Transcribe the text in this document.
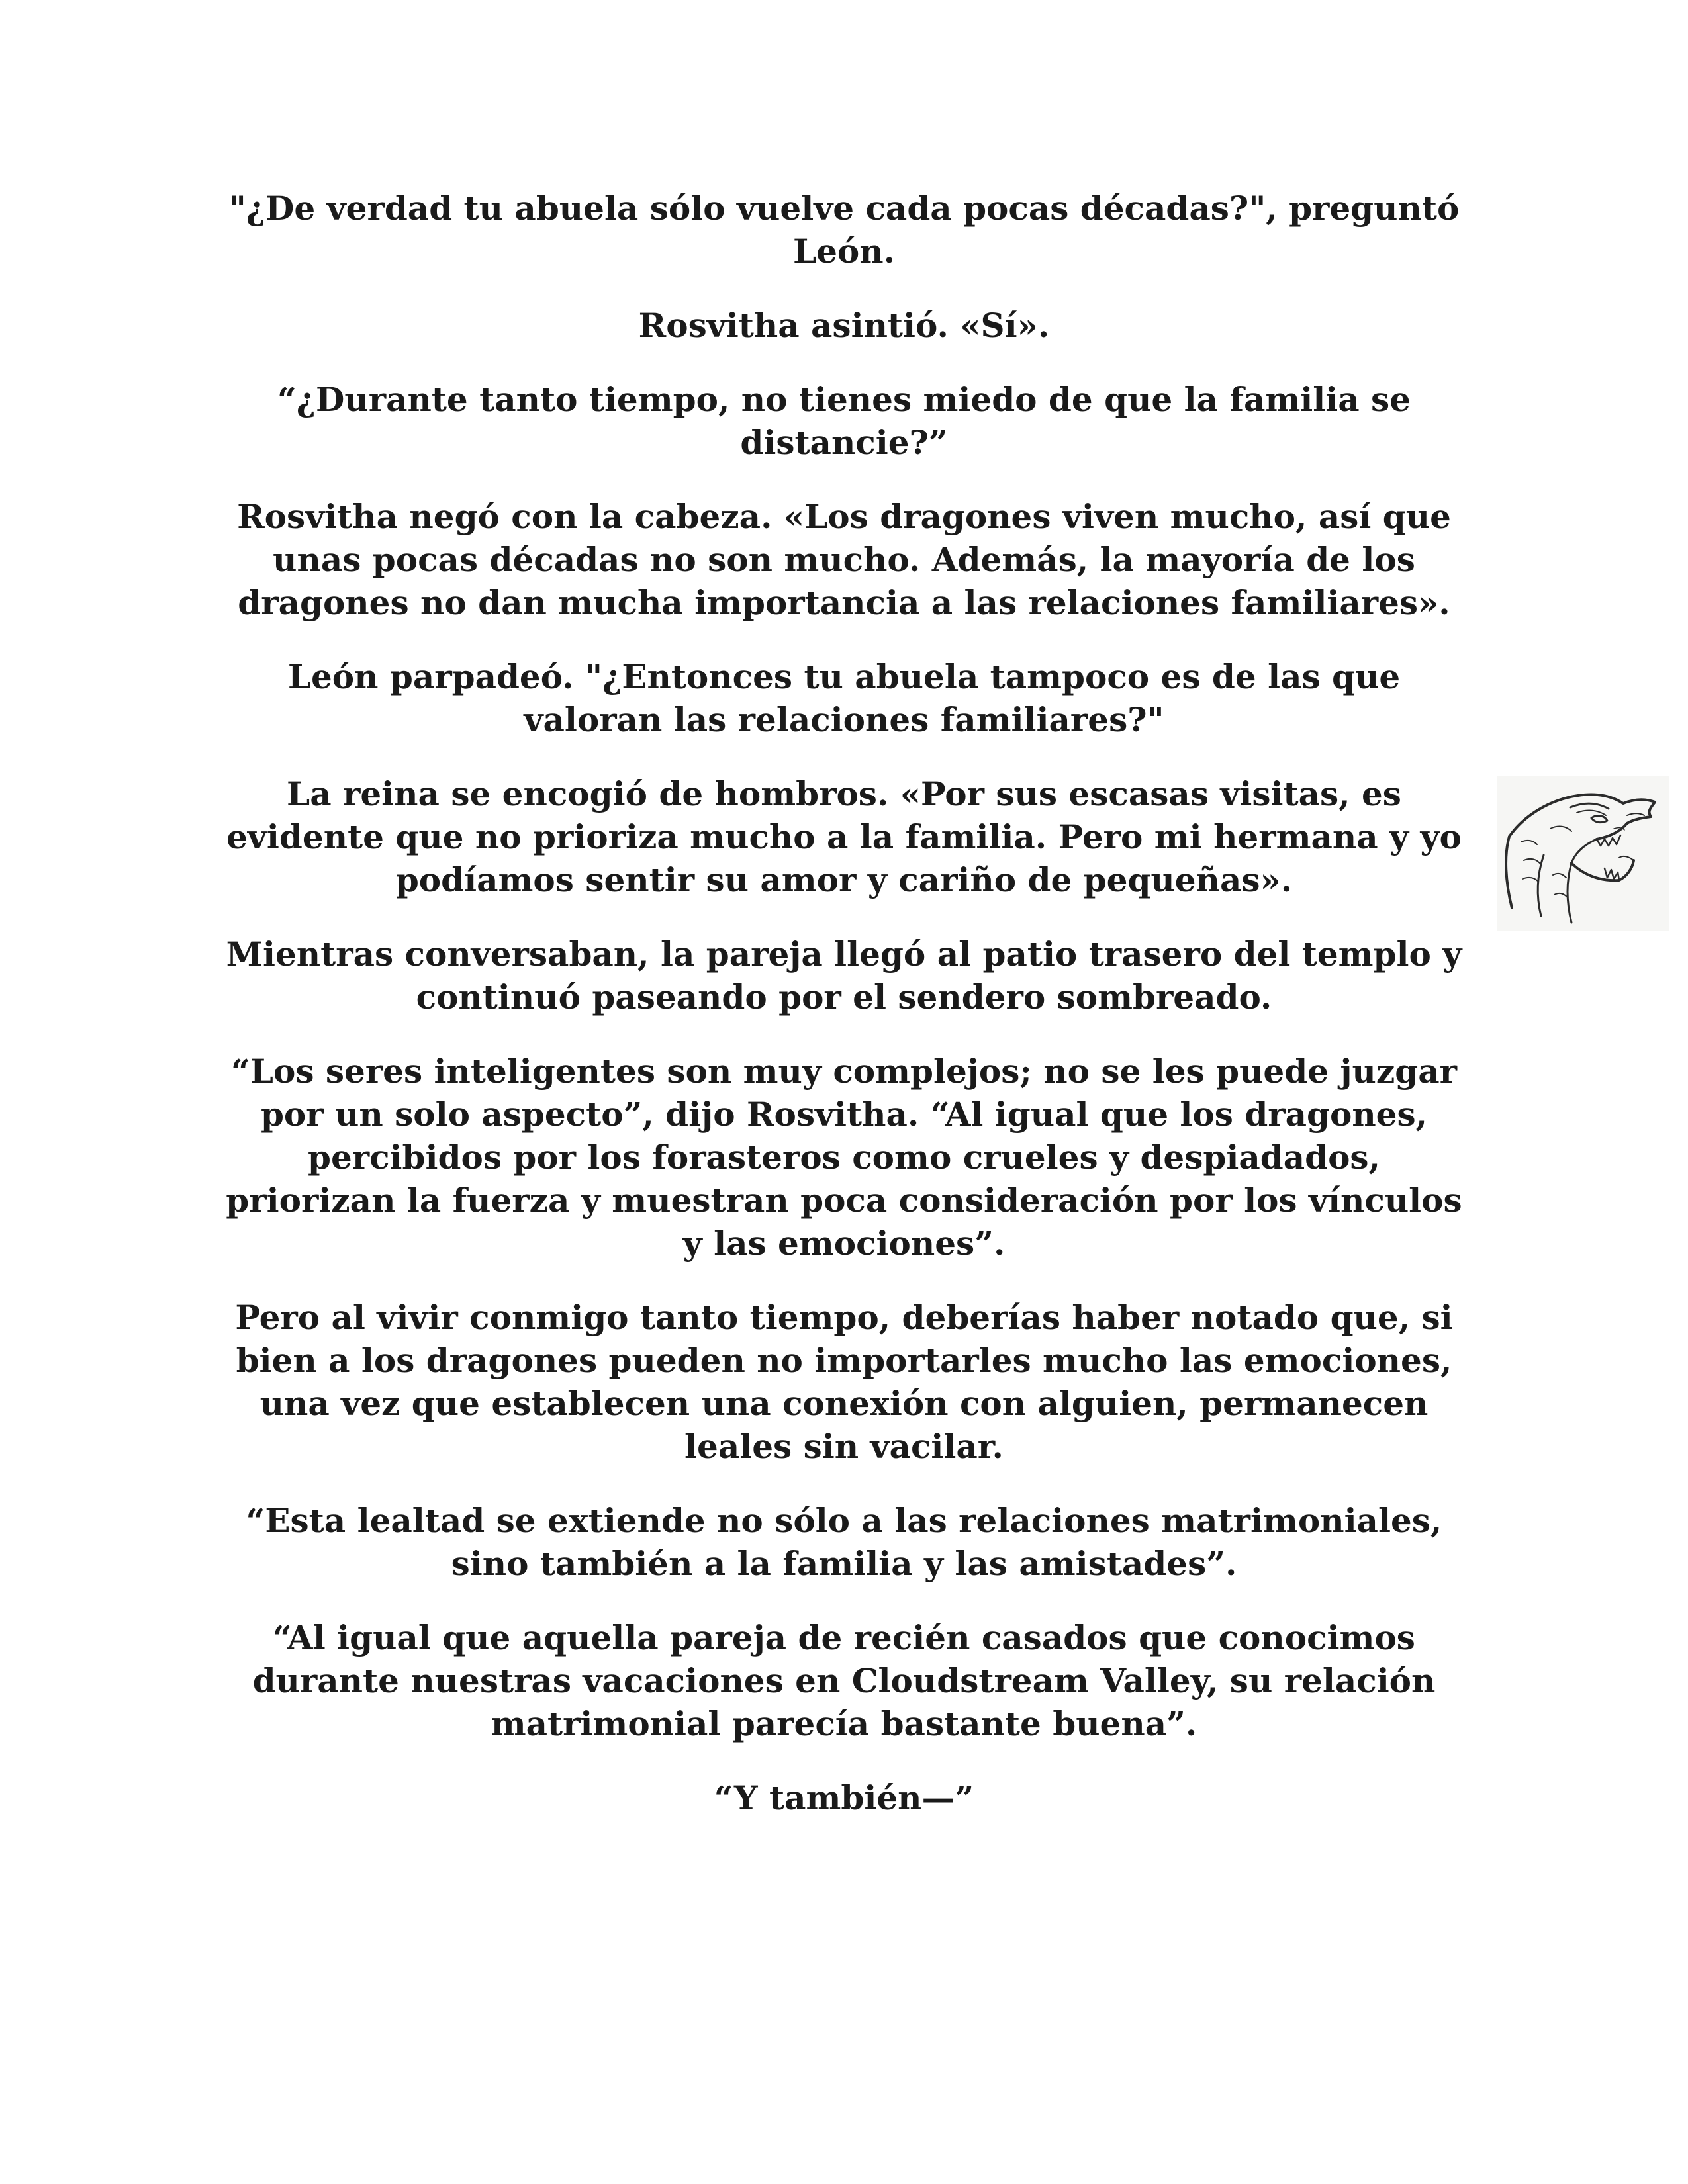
"¿De verdad tu abuela sólo vuelve cada pocas décadas?", preguntó León.

Rosvitha asintió. «Sí».

“¿Durante tanto tiempo, no tienes miedo de que la familia se distancie?”

Rosvitha negó con la cabeza. «Los dragones viven mucho, así que unas pocas décadas no son mucho. Además, la mayoría de los dragones no dan mucha importancia a las relaciones familiares».

León parpadeó. "¿Entonces tu abuela tampoco es de las que valoran las relaciones familiares?"

La reina se encogió de hombros. «Por sus escasas visitas, es evidente que no prioriza mucho a la familia. Pero mi hermana y yo podíamos sentir su amor y cariño de pequeñas».

Mientras conversaban, la pareja llegó al patio trasero del templo y continuó paseando por el sendero sombreado.

“Los seres inteligentes son muy complejos; no se les puede juzgar por un solo aspecto”, dijo Rosvitha. “Al igual que los dragones, percibidos por los forasteros como crueles y despiadados, priorizan la fuerza y muestran poca consideración por los vínculos y las emociones”.

Pero al vivir conmigo tanto tiempo, deberías haber notado que, si bien a los dragones pueden no importarles mucho las emociones, una vez que establecen una conexión con alguien, permanecen leales sin vacilar.

“Esta lealtad se extiende no sólo a las relaciones matrimoniales, sino también a la familia y las amistades”.

“Al igual que aquella pareja de recién casados que conocimos durante nuestras vacaciones en Cloudstream Valley, su relación matrimonial parecía bastante buena”.

“Y también—”
